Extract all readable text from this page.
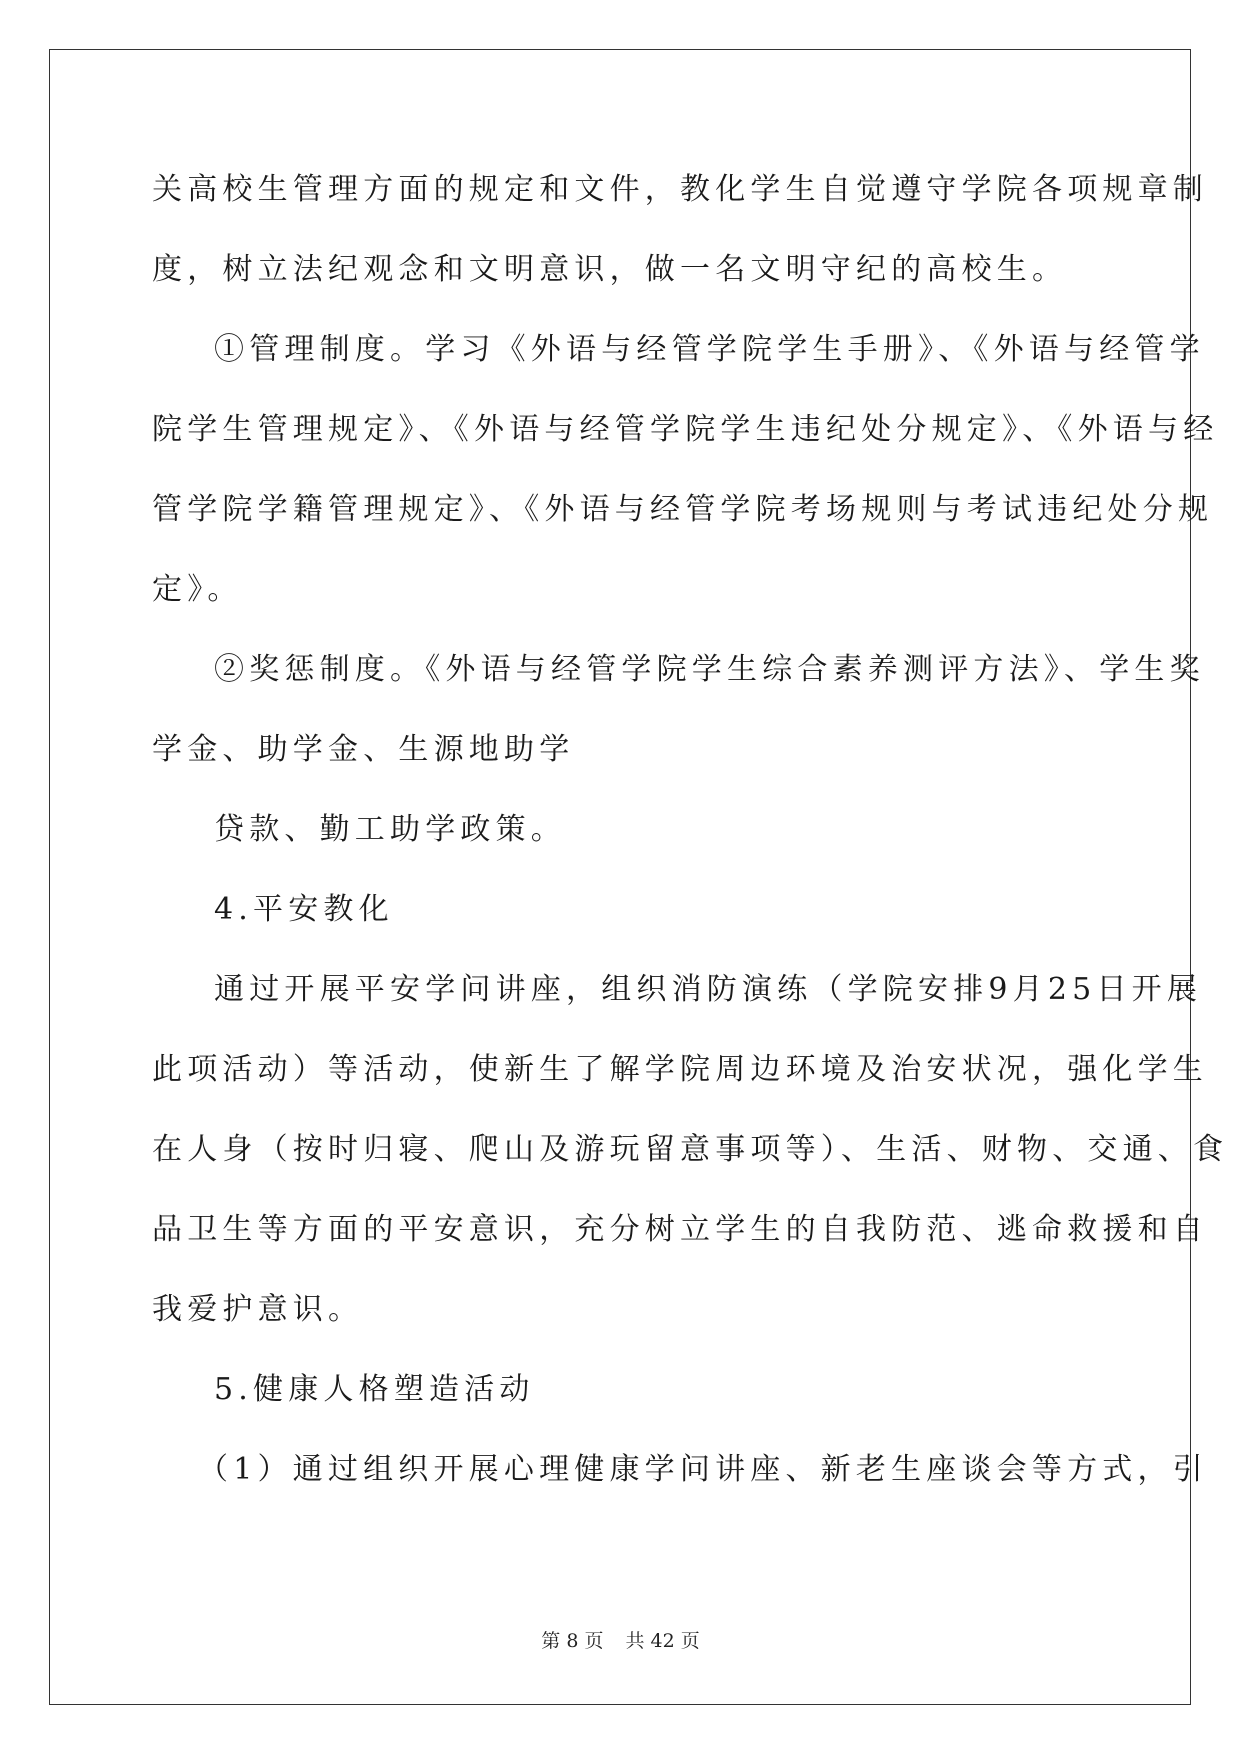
关高校生管理方面的规定和文件，教化学生自觉遵守学院各项规章制
度，树立法纪观念和文明意识，做一名文明守纪的高校生。
①管理制度。学习《外语与经管学院学生手册》、《外语与经管学
院学生管理规定》、《外语与经管学院学生违纪处分规定》、《外语与经
管学院学籍管理规定》、《外语与经管学院考场规则与考试违纪处分规
定》。
②奖惩制度。《外语与经管学院学生综合素养测评方法》、学生奖
学金、助学金、生源地助学
贷款、勤工助学政策。
4.平安教化
通过开展平安学问讲座，组织消防演练（学院安排9月25日开展
此项活动）等活动，使新生了解学院周边环境及治安状况，强化学生
在人身（按时归寝、爬山及游玩留意事项等）、生活、财物、交通、食
品卫生等方面的平安意识，充分树立学生的自我防范、逃命救援和自
我爱护意识。
5.健康人格塑造活动
（1）通过组织开展心理健康学问讲座、新老生座谈会等方式，引
第 8 页 共 42 页
